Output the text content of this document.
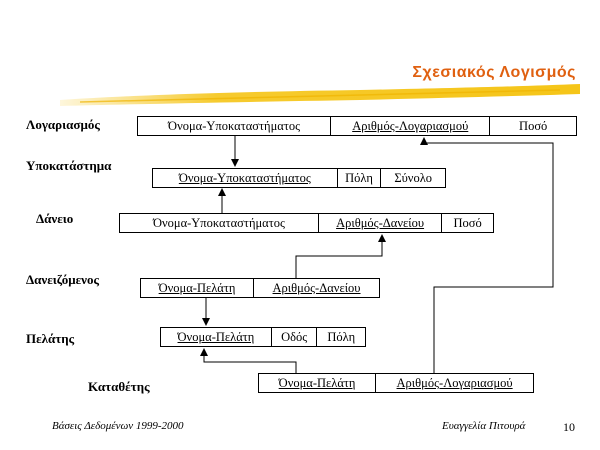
Σχεσιακός Λογισμός
Λογαριασμός
Υποκατάστημα
Δάνειο
Δανειζόμενος
Πελάτης
Καταθέτης
Όνομα-Υποκαταστήματος	Αριθμός-Λογαριασμού	Ποσό
Όνομα-Υποκαταστήματος	Πόλη	Σύνολο
Όνομα-Υποκαταστήματος	Αριθμός-Δανείου	Ποσό
Όνομα-Πελάτη	Αριθμός-Δανείου
Όνομα-Πελάτη	Οδός	Πόλη
Όνομα-Πελάτη	Αριθμός-Λογαριασμού
Βάσεις Δεδομένων 1999-2000	Ευαγγελία Πιτουρά	10
